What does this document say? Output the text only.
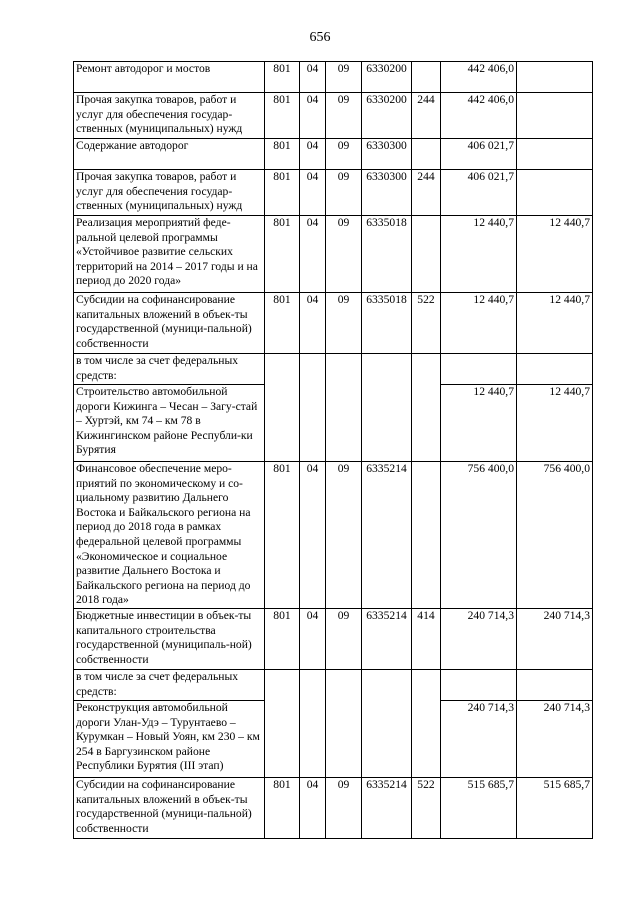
656
Ремонт автодорог и мостов	801	04	09	6330200		442 406,0	
Прочая закупка товаров, работ и услуг для обеспечения государ-ственных (муниципальных) нужд	801	04	09	6330200	244	442 406,0	
Содержание автодорог	801	04	09	6330300		406 021,7	
Прочая закупка товаров, работ и услуг для обеспечения государ-ственных (муниципальных) нужд	801	04	09	6330300	244	406 021,7	
Реализация мероприятий феде-ральной целевой программы «Устойчивое развитие сельских территорий на 2014 – 2017 годы и на период до 2020 года»	801	04	09	6335018		12 440,7	12 440,7
Субсидии на софинансирование капитальных вложений в объек-ты государственной (муници-пальной) собственности	801	04	09	6335018	522	12 440,7	12 440,7
в том числе за счет федеральных средств:							
Строительство автомобильной дороги Кижинга – Чесан – Загу-стай – Хуртэй, км 74 – км 78 в Кижингинском районе Республи-ки Бурятия						12 440,7	12 440,7
Финансовое обеспечение меро-приятий по экономическому и со-циальному развитию Дальнего Востока и Байкальского региона на период до 2018 года в рамках федеральной целевой программы «Экономическое и социальное развитие Дальнего Востока и Байкальского региона на период до 2018 года»	801	04	09	6335214		756 400,0	756 400,0
Бюджетные инвестиции в объек-ты капитального строительства государственной (муниципаль-ной) собственности	801	04	09	6335214	414	240 714,3	240 714,3
в том числе за счет федеральных средств:							
Реконструкция автомобильной дороги Улан-Удэ – Турунтаево – Курумкан – Новый Уоян, км 230 – км 254 в Баргузинском районе Республики Бурятия (III этап)						240 714,3	240 714,3
Субсидии на софинансирование капитальных вложений в объек-ты государственной (муници-пальной) собственности	801	04	09	6335214	522	515 685,7	515 685,7
